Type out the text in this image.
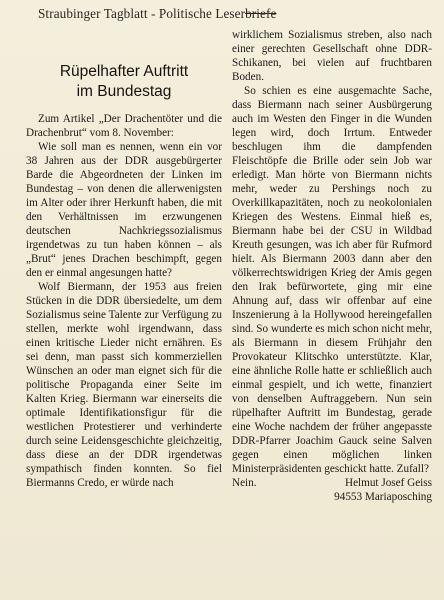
Straubinger Tagblatt - Politische Leserbriefe
Rüpelhafter Auftritt
im Bundestag

Zum Artikel „Der Drachentöter und die Drachenbrut“ vom 8. November:

Wie soll man es nennen, wenn ein vor 38 Jahren aus der DDR ausgebürgerter Barde die Abgeordneten der Linken im Bundestag – von denen die allerwenigsten im Alter oder ihrer Herkunft haben, die mit den Verhältnissen im erzwungenen deutschen Nachkriegssozialismus irgendetwas zu tun haben können – als „Brut“ jenes Drachen beschimpft, gegen den er einmal angesungen hatte?

Wolf Biermann, der 1953 aus freien Stücken in die DDR übersiedelte, um dem Sozialismus seine Talente zur Verfügung zu stellen, merkte wohl irgendwann, dass einen kritische Lieder nicht ernähren. Es sei denn, man passt sich kommerziellen Wünschen an oder man eignet sich für die politische Propaganda einer Seite im Kalten Krieg. Biermann war einerseits die optimale Identifikationsfigur für die westlichen Protestierer und verhinderte durch seine Leidensgeschichte gleichzeitig, dass diese an der DDR irgendetwas sympathisch finden konnten. So fiel Biermanns Credo, er würde nach

wirklichem Sozialismus streben, also nach einer gerechten Gesellschaft ohne DDR-Schikanen, bei vielen auf fruchtbaren Boden.

So schien es eine ausgemachte Sache, dass Biermann nach seiner Ausbürgerung auch im Westen den Finger in die Wunden legen wird, doch Irrtum. Entweder beschlugen ihm die dampfenden Fleischtöpfe die Brille oder sein Job war erledigt. Man hörte von Biermann nichts mehr, weder zu Pershings noch zu Overkillkapazitäten, noch zu neokolonialen Kriegen des Westens. Einmal hieß es, Biermann habe bei der CSU in Wildbad Kreuth gesungen, was ich aber für Rufmord hielt. Als Biermann 2003 dann aber den völkerrechtswidrigen Krieg der Amis gegen den Irak befürwortete, ging mir eine Ahnung auf, dass wir offenbar auf eine Inszenierung à la Hollywood hereingefallen sind. So wunderte es mich schon nicht mehr, als Biermann in diesem Frühjahr den Provokateur Klitschko unterstützte. Klar, eine ähnliche Rolle hatte er schließlich auch einmal gespielt, und ich wette, finanziert von denselben Auftraggebern. Nun sein rüpelhafter Auftritt im Bundestag, gerade eine Woche nachdem der früher angepasste DDR-Pfarrer Joachim Gauck seine Salven gegen einen möglichen linken Ministerpräsidenten geschickt hatte. Zufall?

Nein.	Helmut Josef Geiss
94553 Mariaposching
